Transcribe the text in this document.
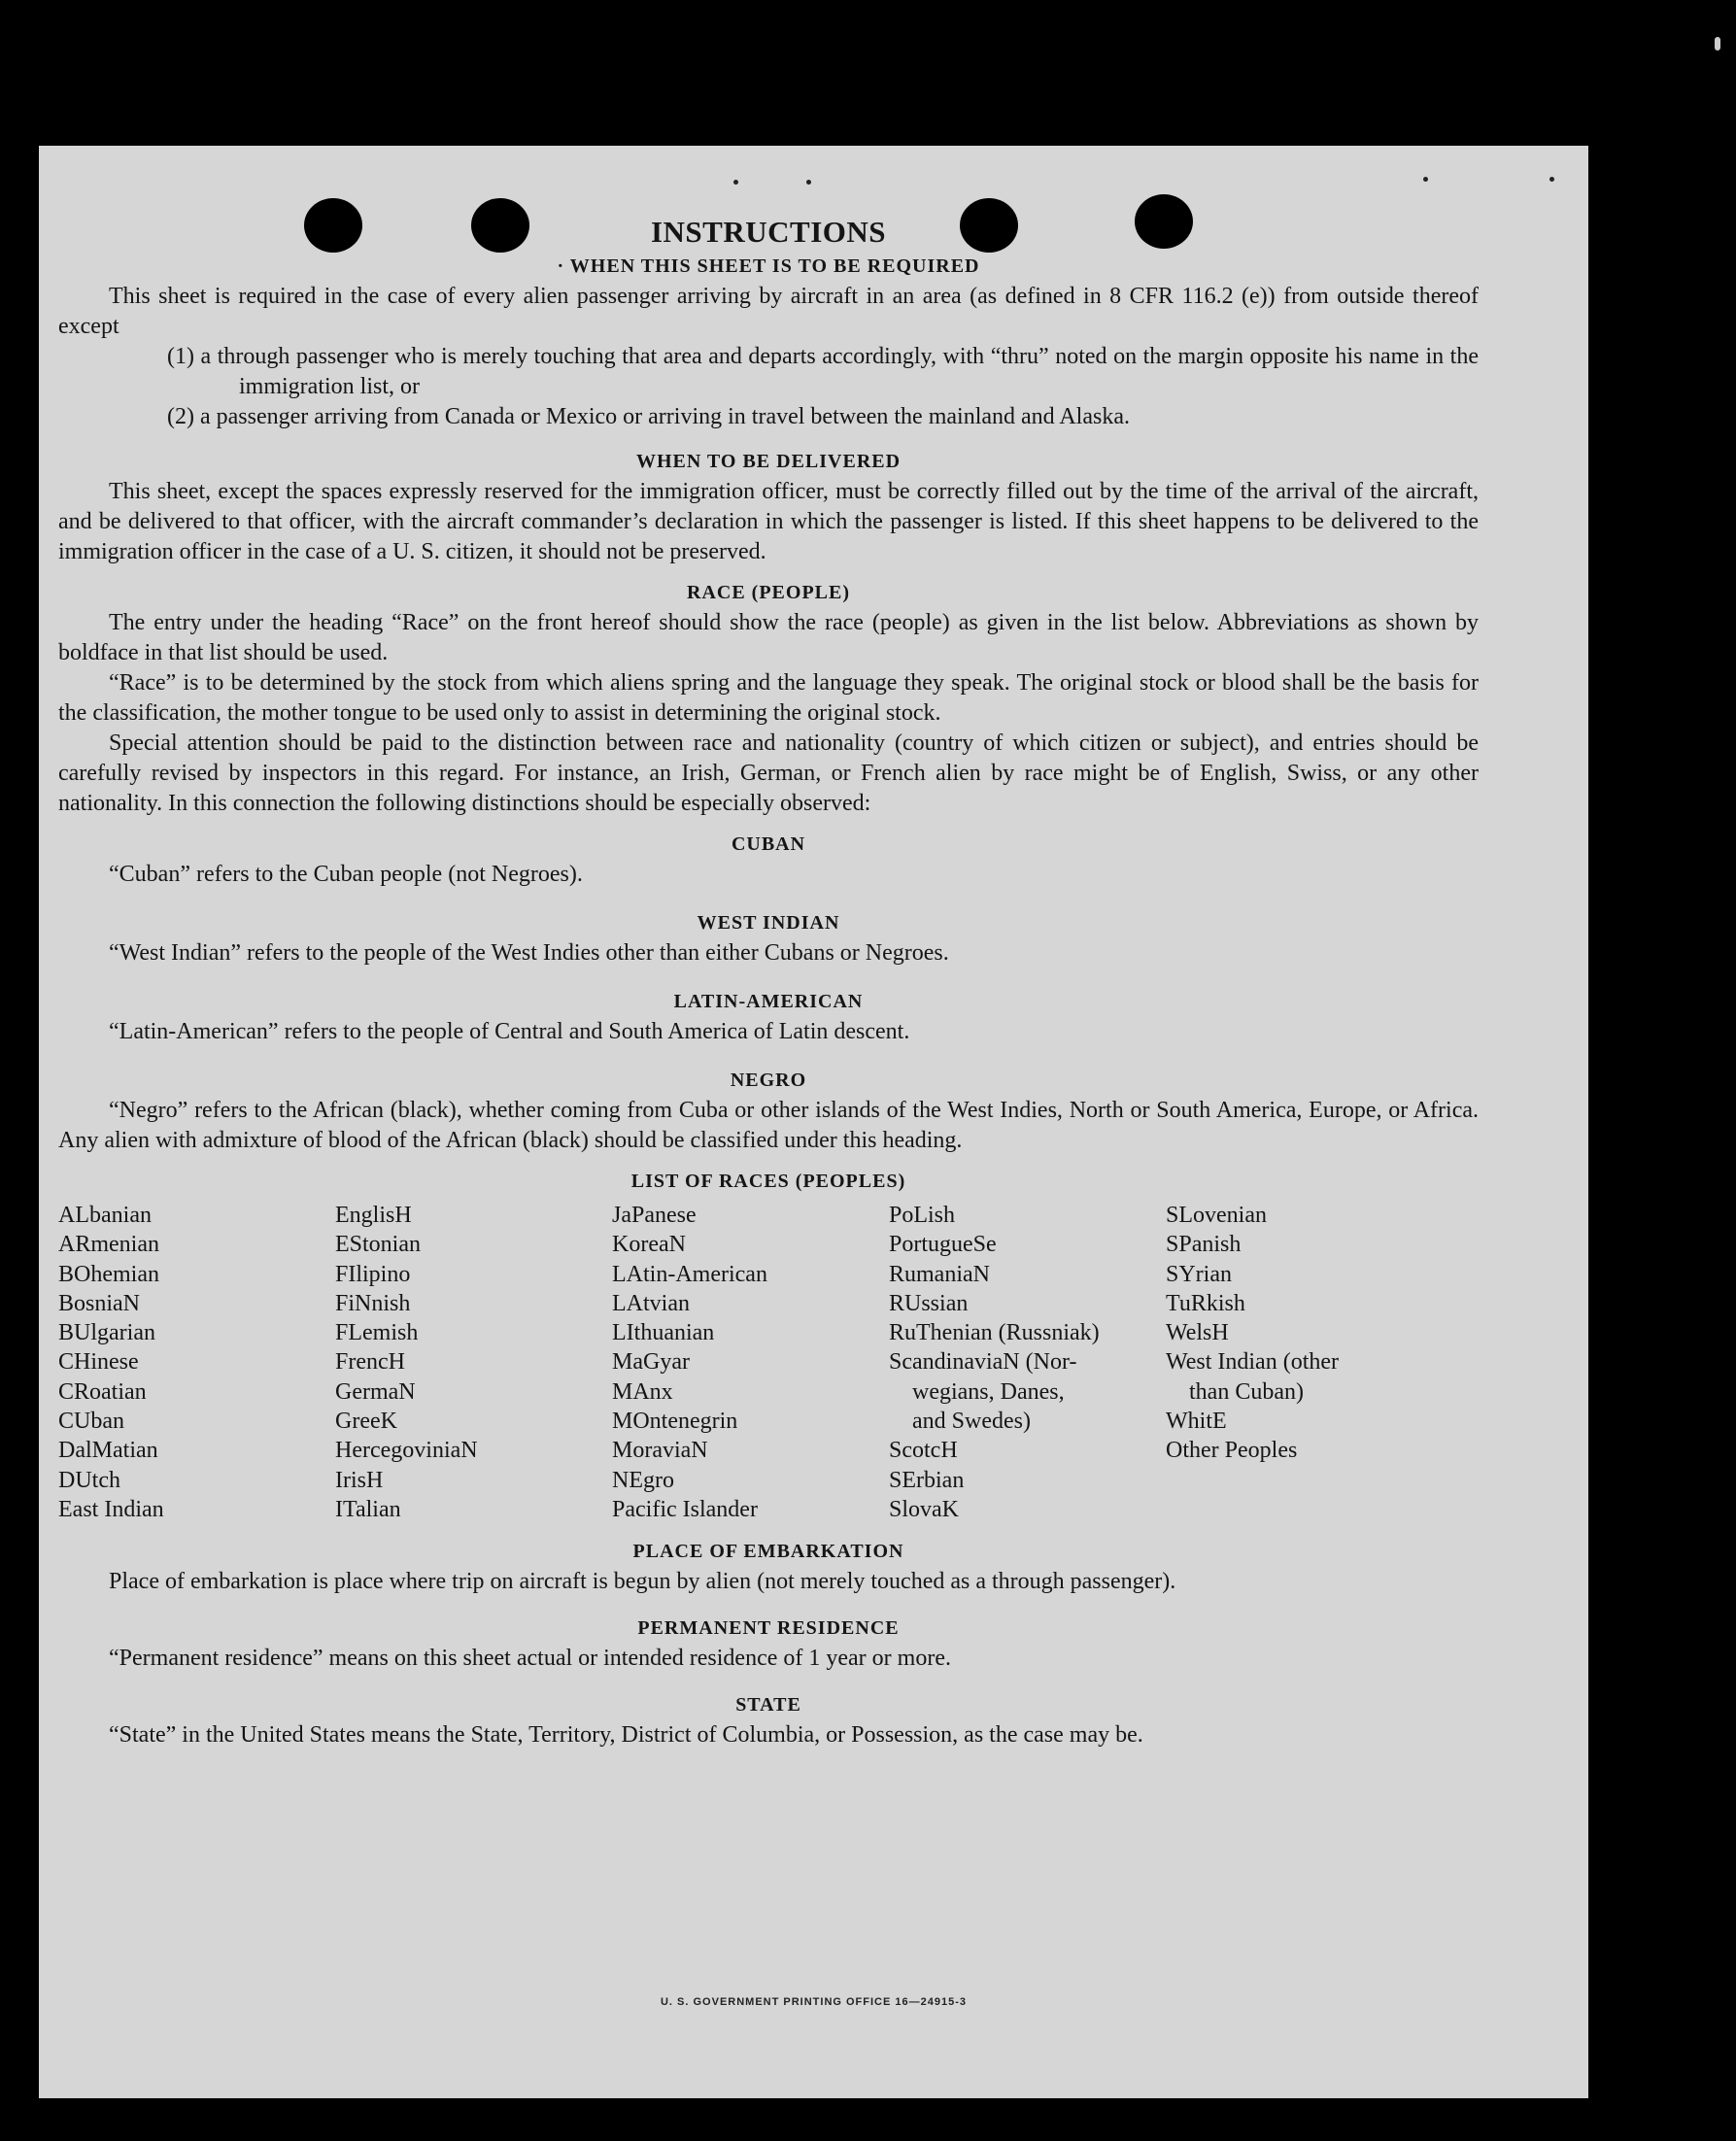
INSTRUCTIONS
· WHEN THIS SHEET IS TO BE REQUIRED

This sheet is required in the case of every alien passenger arriving by aircraft in an area (as defined in 8 CFR 116.2 (e)) from outside thereof except

(1) a through passenger who is merely touching that area and departs accordingly, with “thru” noted on the margin opposite his name in the immigration list, or

(2) a passenger arriving from Canada or Mexico or arriving in travel between the mainland and Alaska.

WHEN TO BE DELIVERED

This sheet, except the spaces expressly reserved for the immigration officer, must be correctly filled out by the time of the arrival of the aircraft, and be delivered to that officer, with the aircraft commander’s declaration in which the passenger is listed. If this sheet happens to be delivered to the immigration officer in the case of a U. S. citizen, it should not be preserved.

RACE (PEOPLE)

The entry under the heading “Race” on the front hereof should show the race (people) as given in the list below. Abbreviations as shown by boldface in that list should be used.

“Race” is to be determined by the stock from which aliens spring and the language they speak. The original stock or blood shall be the basis for the classification, the mother tongue to be used only to assist in determining the original stock.

Special attention should be paid to the distinction between race and nationality (country of which citizen or subject), and entries should be carefully revised by inspectors in this regard. For instance, an Irish, German, or French alien by race might be of English, Swiss, or any other nationality. In this connection the following distinctions should be especially observed:

CUBAN

“Cuban” refers to the Cuban people (not Negroes).

WEST INDIAN

“West Indian” refers to the people of the West Indies other than either Cubans or Negroes.

LATIN-AMERICAN

“Latin-American” refers to the people of Central and South America of Latin descent.

NEGRO

“Negro” refers to the African (black), whether coming from Cuba or other islands of the West Indies, North or South America, Europe, or Africa. Any alien with admixture of blood of the African (black) should be classified under this heading.

LIST OF RACES (PEOPLES)
ALbanian
ARmenian
BOhemian
BosniaN
BUlgarian
CHinese
CRoatian
CUban
DalMatian
DUtch
East Indian
EnglisH
EStonian
FIlipino
FiNnish
FLemish
FrencH
GermaN
GreeK
HercegoviniaN
IrisH
ITalian
JaPanese
KoreaN
LAtin-American
LAtvian
LIthuanian
MaGyar
MAnx
MOntenegrin
MoraviaN
NEgro
Pacific Islander
PoLish
PortugueSe
RumaniaN
RUssian
RuThenian (Russniak)
ScandinaviaN (Nor-
wegians, Danes,
and Swedes)
ScotcH
SErbian
SlovaK
SLovenian
SPanish
SYrian
TuRkish
WelsH
West Indian (other
than Cuban)
WhitE
Other Peoples
PLACE OF EMBARKATION

Place of embarkation is place where trip on aircraft is begun by alien (not merely touched as a through passenger).

PERMANENT RESIDENCE

“Permanent residence” means on this sheet actual or intended residence of 1 year or more.

STATE

“State” in the United States means the State, Territory, District of Columbia, or Possession, as the case may be.

U. S. GOVERNMENT PRINTING OFFICE 16—24915-3
